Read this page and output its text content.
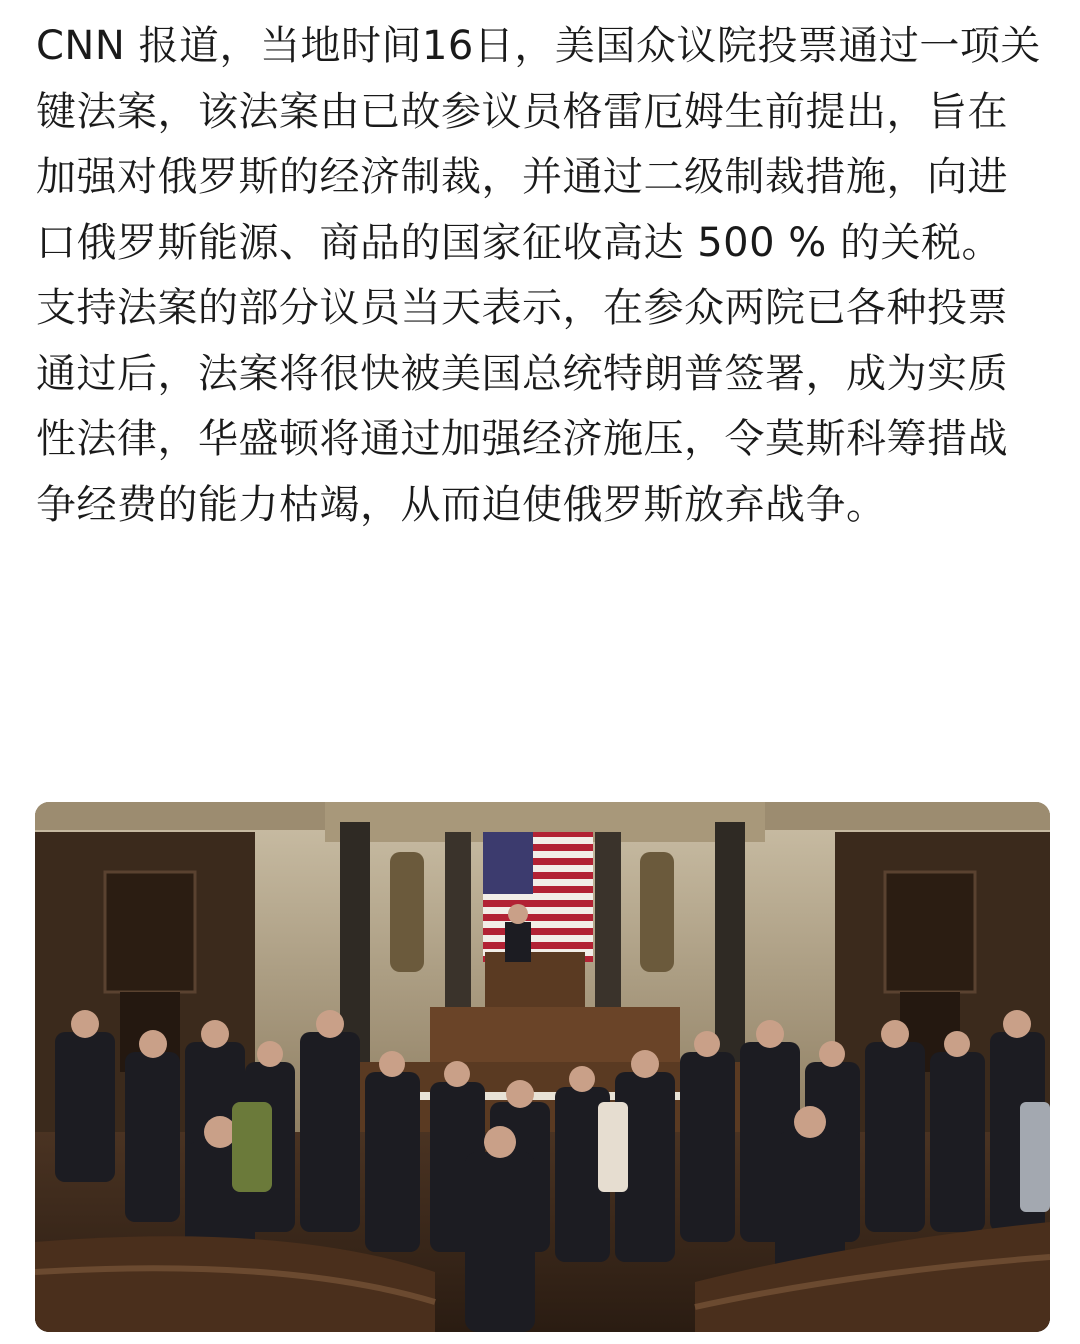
CNN 报道，当地时间16日，美国众议院投票通过一项关键法案，该法案由已故参议员格雷厄姆生前提出，旨在加强对俄罗斯的经济制裁，并通过二级制裁措施，向进口俄罗斯能源、商品的国家征收高达 500 % 的关税。

支持法案的部分议员当天表示，在参众两院已各种投票通过后，法案将很快被美国总统特朗普签署，成为实质性法律，华盛顿将通过加强经济施压，令莫斯科筹措战争经费的能力枯竭，从而迫使俄罗斯放弃战争。
